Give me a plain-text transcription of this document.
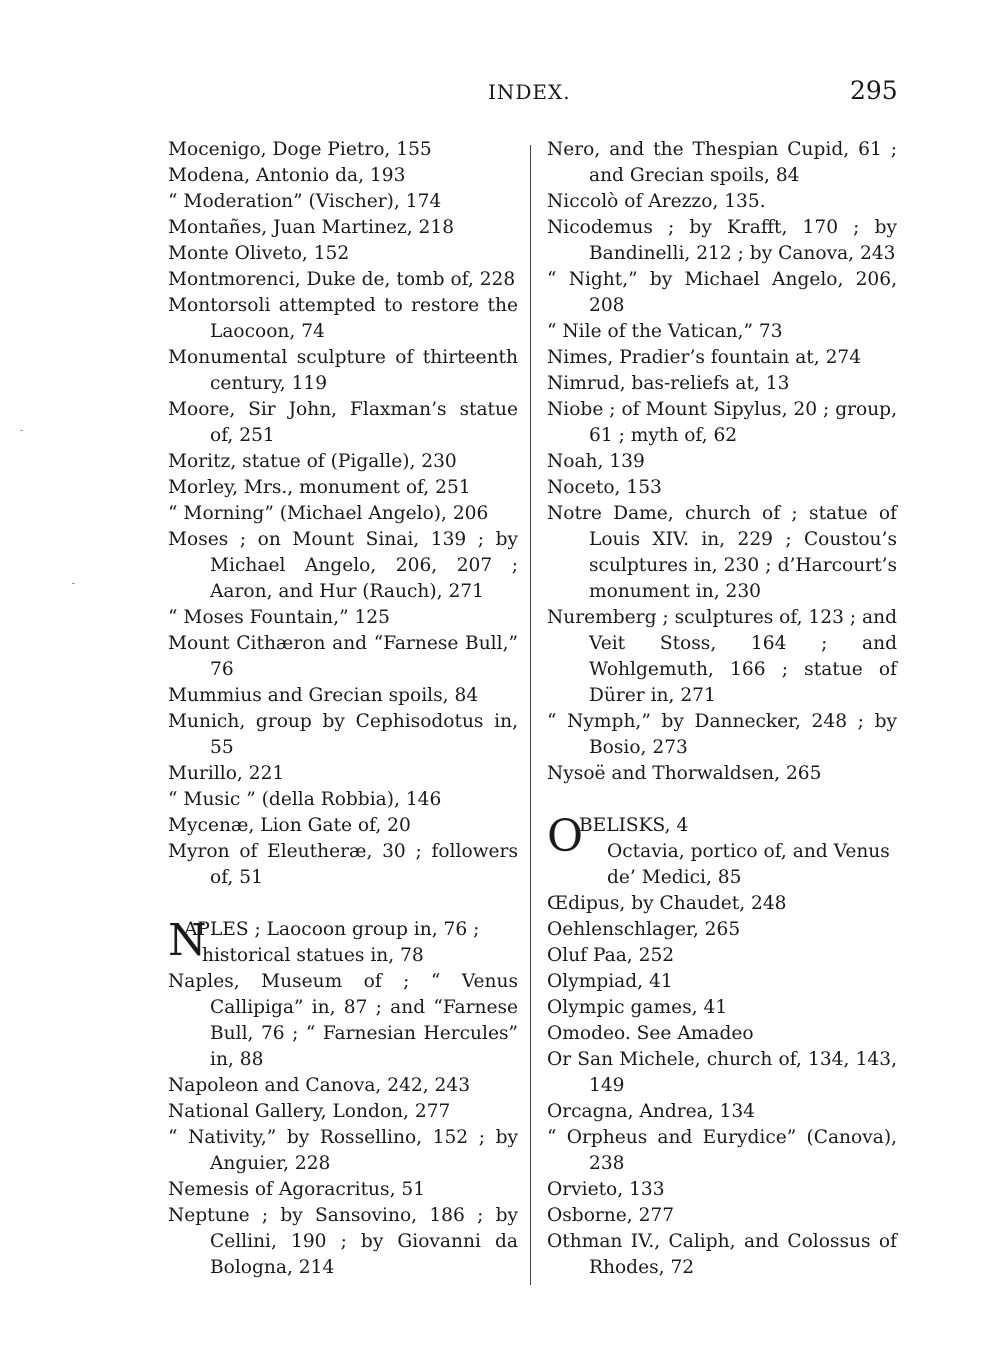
INDEX.	295
Mocenigo, Doge Pietro, 155
Modena, Antonio da, 193
“ Moderation” (Vischer), 174
Montañes, Juan Martinez, 218
Monte Oliveto, 152
Montmorenci, Duke de, tomb of, 228
Montorsoli attempted to restore the Laocoon, 74
Monumental sculpture of thirteenth century, 119
Moore, Sir John, Flaxman’s statue of, 251
Moritz, statue of (Pigalle), 230
Morley, Mrs., monument of, 251
“ Morning” (Michael Angelo), 206
Moses ; on Mount Sinai, 139 ; by Michael Angelo, 206, 207 ; Aaron, and Hur (Rauch), 271
“ Moses Fountain,” 125
Mount Cithæron and “Farnese Bull,” 76
Mummius and Grecian spoils, 84
Munich, group by Cephisodotus in, 55
Murillo, 221
“ Music ” (della Robbia), 146
Mycenæ, Lion Gate of, 20
Myron of Eleutheræ, 30 ; followers of, 51
N
APLES ; Laocoon group in, 76 ;
historical statues in, 78
Naples, Museum of ; “ Venus Callipiga” in, 87 ; and “Farnese Bull, 76 ; “ Farnesian Hercules” in, 88
Napoleon and Canova, 242, 243
National Gallery, London, 277
“ Nativity,” by Rossellino, 152 ; by Anguier, 228
Nemesis of Agoracritus, 51
Neptune ; by Sansovino, 186 ; by Cellini, 190 ; by Giovanni da Bologna, 214
Nero, and the Thespian Cupid, 61 ; and Grecian spoils, 84
Niccolò of Arezzo, 135.
Nicodemus ; by Krafft, 170 ; by Bandinelli, 212 ; by Canova, 243
“ Night,” by Michael Angelo, 206, 208
“ Nile of the Vatican,” 73
Nimes, Pradier’s fountain at, 274
Nimrud, bas-reliefs at, 13
Niobe ; of Mount Sipylus, 20 ; group, 61 ; myth of, 62
Noah, 139
Noceto, 153
Notre Dame, church of ; statue of Louis XIV. in, 229 ; Coustou’s sculptures in, 230 ; d’Harcourt’s monument in, 230
Nuremberg ; sculptures of, 123 ; and Veit Stoss, 164 ; and Wohlgemuth, 166 ; statue of Dürer in, 271
“ Nymph,” by Dannecker, 248 ; by Bosio, 273
Nysoë and Thorwaldsen, 265
O
BELISKS, 4
Octavia, portico of, and Venus de’ Medici, 85
Œdipus, by Chaudet, 248
Oehlenschlager, 265
Oluf Paa, 252
Olympiad, 41
Olympic games, 41
Omodeo. See Amadeo
Or San Michele, church of, 134, 143, 149
Orcagna, Andrea, 134
“ Orpheus and Eurydice” (Canova), 238
Orvieto, 133
Osborne, 277
Othman IV., Caliph, and Colossus of Rhodes, 72
